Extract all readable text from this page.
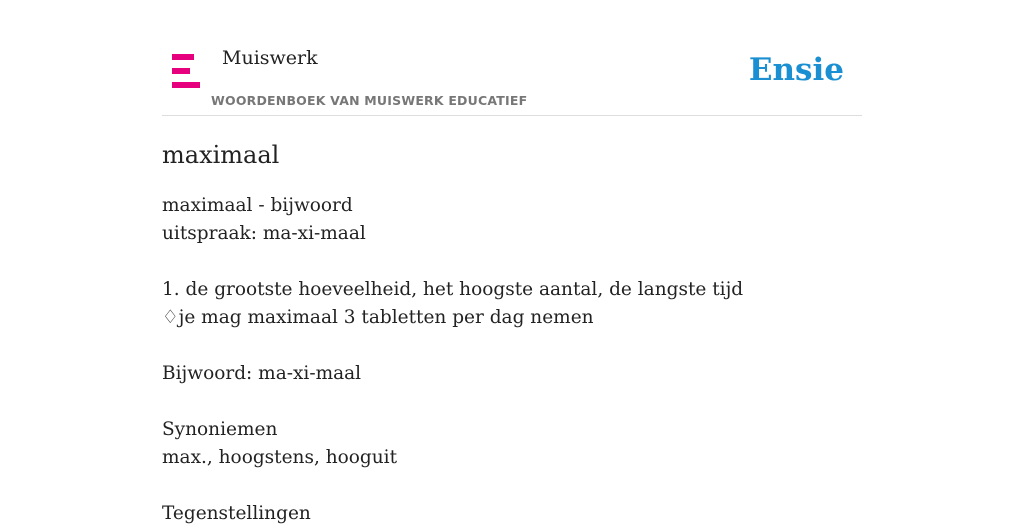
Muiswerk
WOORDENBOEK VAN MUISWERK EDUCATIEF
Ensie
maximaal
maximaal - bijwoord
uitspraak: ma-xi-maal
1. de grootste hoeveelheid, het hoogste aantal, de langste tijd
♢je mag maximaal 3 tabletten per dag nemen
Bijwoord: ma-xi-maal
Synoniemen
max., hoogstens, hooguit
Tegenstellingen
